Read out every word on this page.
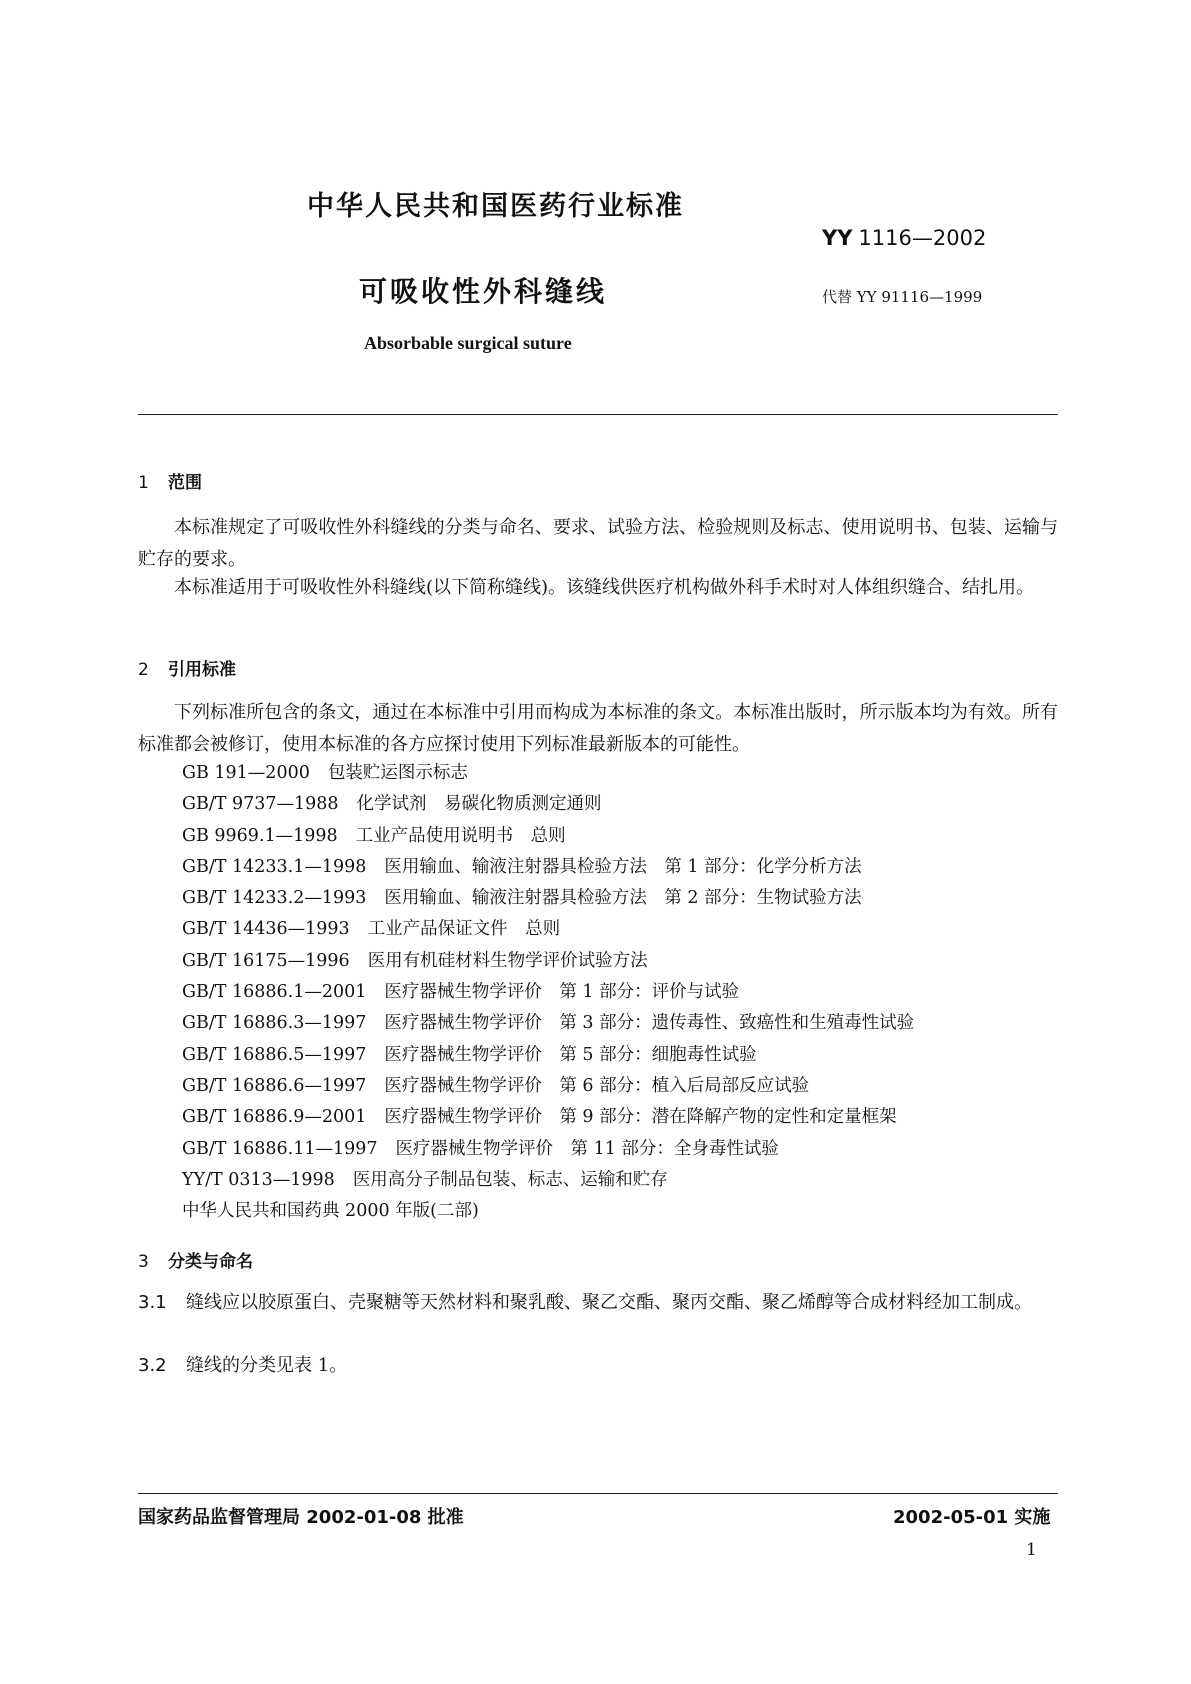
中华人民共和国医药行业标准
YY 1116—2002
可吸收性外科缝线	代替 YY 91116—1999
Absorbable surgical suture
1 范围
本标准规定了可吸收性外科缝线的分类与命名、要求、试验方法、检验规则及标志、使用说明书、包装、运输与贮存的要求。
本标准适用于可吸收性外科缝线(以下简称缝线)。该缝线供医疗机构做外科手术时对人体组织缝合、结扎用。
2 引用标准
下列标准所包含的条文，通过在本标准中引用而构成为本标准的条文。本标准出版时，所示版本均为有效。所有标准都会被修订，使用本标准的各方应探讨使用下列标准最新版本的可能性。
GB 191—2000 包装贮运图示标志
GB/T 9737—1988 化学试剂　易碳化物质测定通则
GB 9969.1—1998 工业产品使用说明书　总则
GB/T 14233.1—1998 医用输血、输液注射器具检验方法　第 1 部分：化学分析方法
GB/T 14233.2—1993 医用输血、输液注射器具检验方法　第 2 部分：生物试验方法
GB/T 14436—1993 工业产品保证文件　总则
GB/T 16175—1996 医用有机硅材料生物学评价试验方法
GB/T 16886.1—2001 医疗器械生物学评价　第 1 部分：评价与试验
GB/T 16886.3—1997 医疗器械生物学评价　第 3 部分：遗传毒性、致癌性和生殖毒性试验
GB/T 16886.5—1997 医疗器械生物学评价　第 5 部分：细胞毒性试验
GB/T 16886.6—1997 医疗器械生物学评价　第 6 部分：植入后局部反应试验
GB/T 16886.9—2001 医疗器械生物学评价　第 9 部分：潜在降解产物的定性和定量框架
GB/T 16886.11—1997 医疗器械生物学评价　第 11 部分：全身毒性试验
YY/T 0313—1998 医用高分子制品包装、标志、运输和贮存
中华人民共和国药典 2000 年版(二部)
3 分类与命名
3.1 缝线应以胶原蛋白、壳聚糖等天然材料和聚乳酸、聚乙交酯、聚丙交酯、聚乙烯醇等合成材料经加工制成。
3.2 缝线的分类见表 1。
国家药品监督管理局 2002-01-08 批准	2002-05-01 实施
1
